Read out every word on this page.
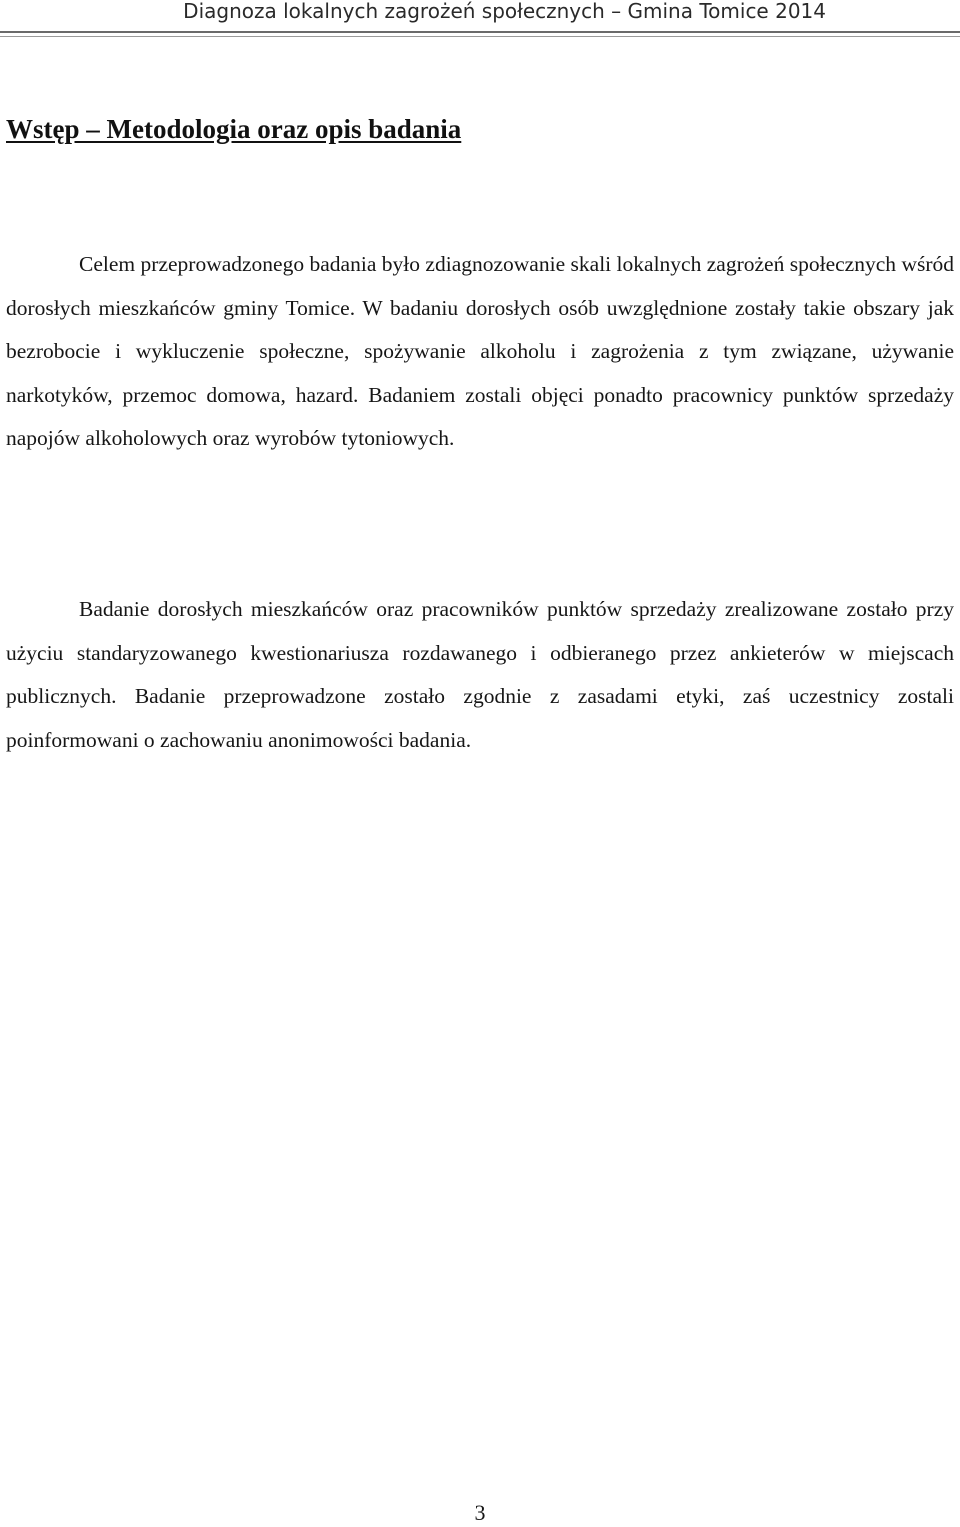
Diagnoza lokalnych zagrożeń społecznych – Gmina Tomice 2014
Wstęp – Metodologia oraz opis badania

Celem przeprowadzonego badania było zdiagnozowanie skali lokalnych zagrożeń społecznych wśród dorosłych mieszkańców gminy Tomice. W badaniu dorosłych osób uwzględnione zostały takie obszary jak bezrobocie i wykluczenie społeczne, spożywanie alkoholu i zagrożenia z tym związane, używanie narkotyków, przemoc domowa, hazard. Badaniem zostali objęci ponadto pracownicy punktów sprzedaży napojów alkoholowych oraz wyrobów tytoniowych.

Badanie dorosłych mieszkańców oraz pracowników punktów sprzedaży zrealizowane zostało przy użyciu standaryzowanego kwestionariusza rozdawanego i odbieranego przez ankieterów w miejscach publicznych. Badanie przeprowadzone zostało zgodnie z zasadami etyki, zaś uczestnicy zostali poinformowani o zachowaniu anonimowości badania.

3
